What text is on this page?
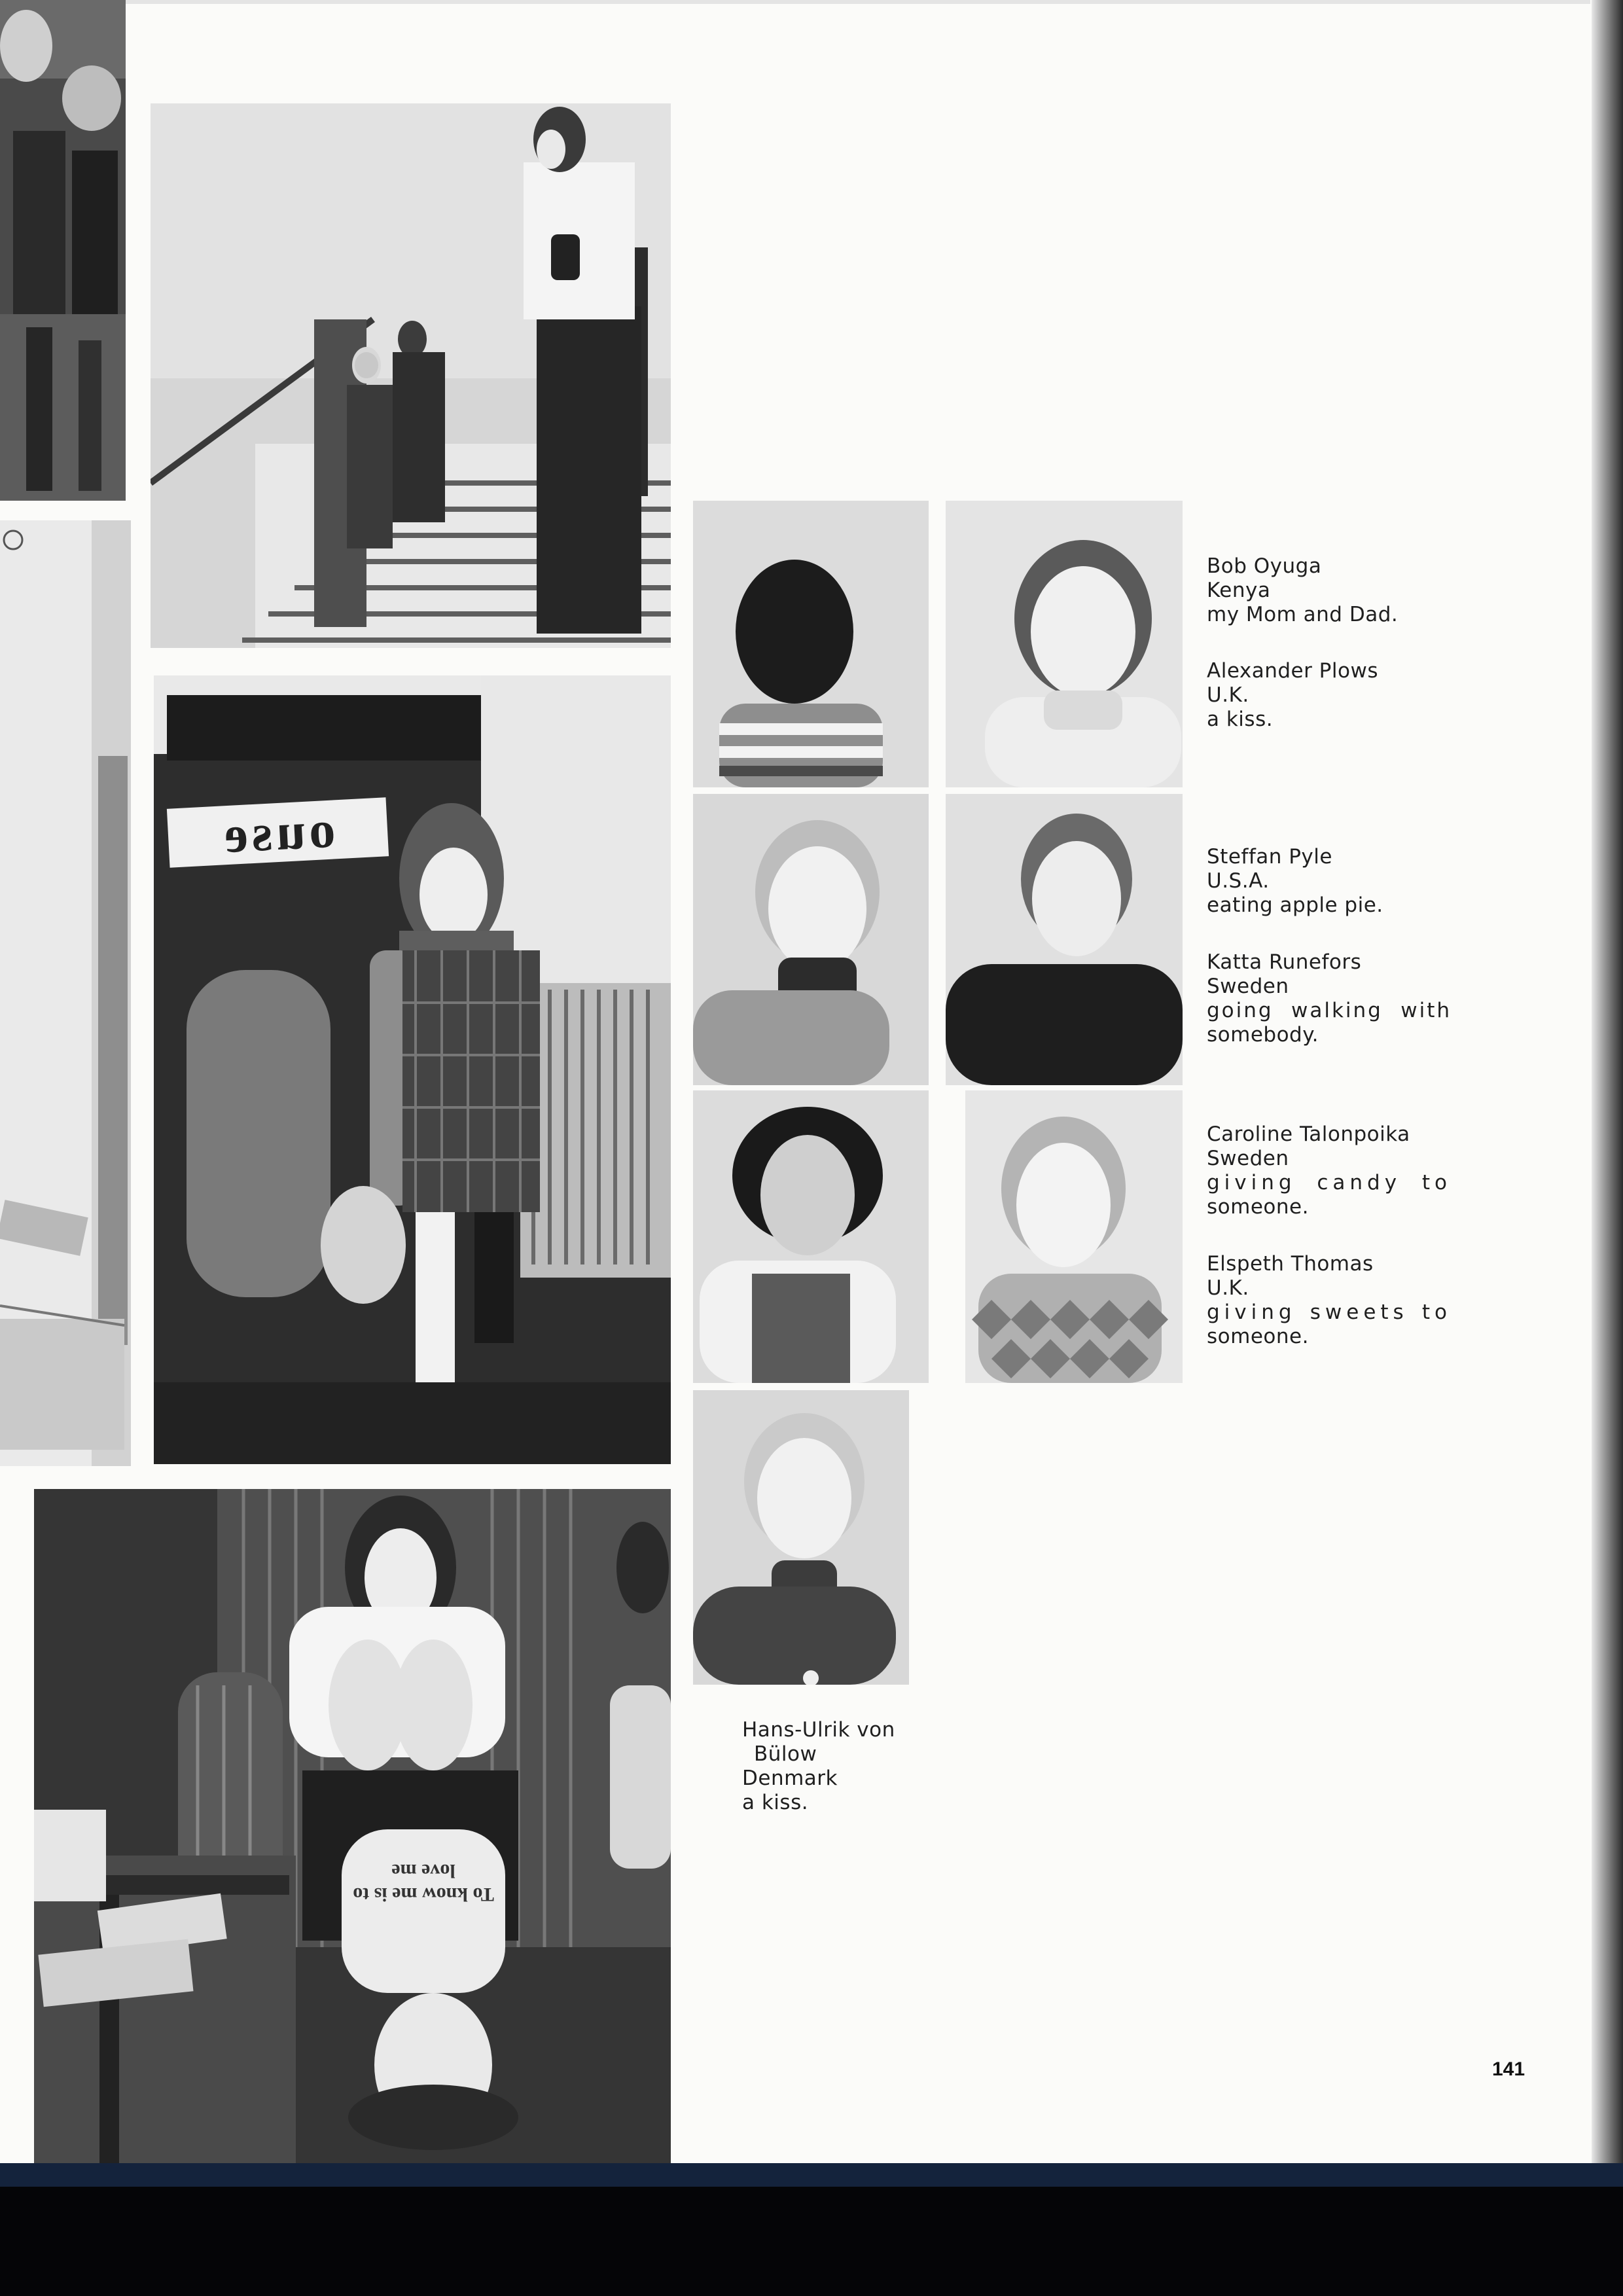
ouse
To know me is to love me
Bob Oyuga
Kenya
my Mom and Dad.
Alexander Plows
U.K.
a kiss.
Steffan Pyle
U.S.A.
eating apple pie.
Katta Runefors
Sweden
going walking with
somebody.
Caroline Talonpoika
Sweden
giving candy to
someone.
Elspeth Thomas
U.K.
giving sweets to
someone.
Hans-Ulrik von
Bülow
Denmark
a kiss.
141
